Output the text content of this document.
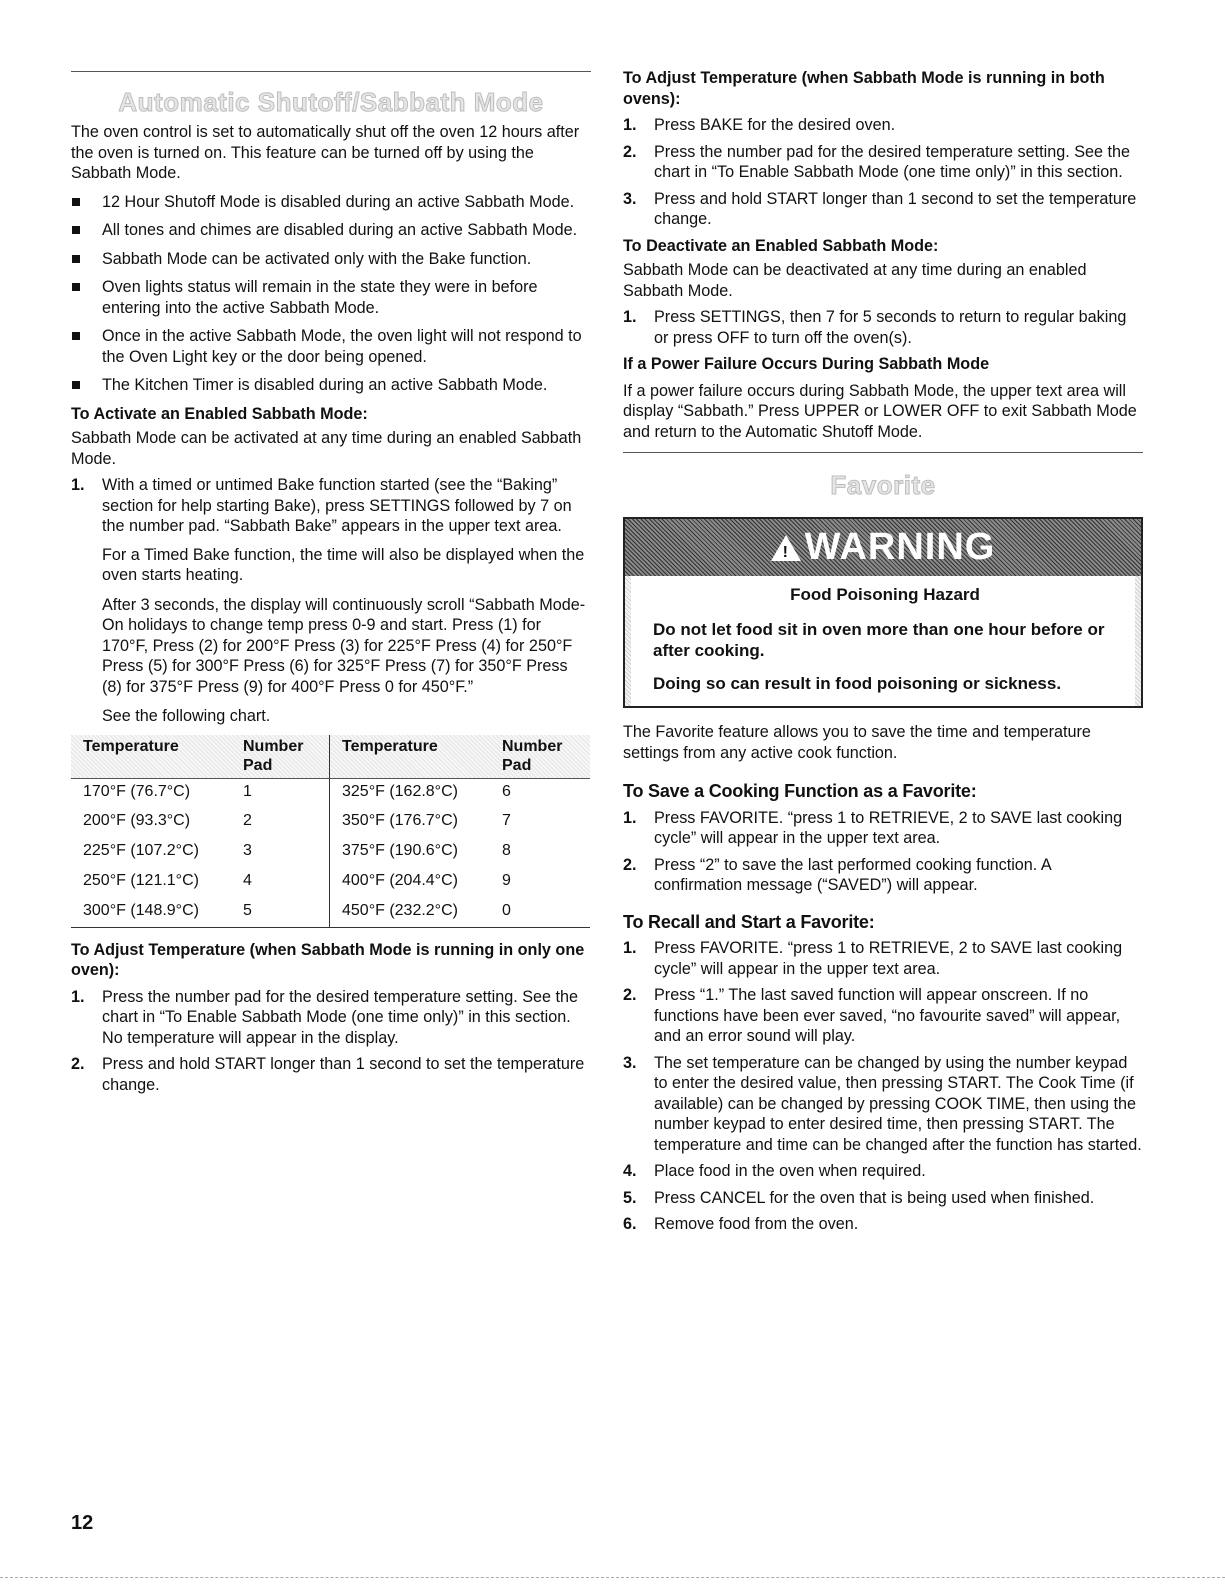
Automatic Shutoff/Sabbath Mode

The oven control is set to automatically shut off the oven 12 hours after the oven is turned on. This feature can be turned off by using the Sabbath Mode.

12 Hour Shutoff Mode is disabled during an active Sabbath Mode.
All tones and chimes are disabled during an active Sabbath Mode.
Sabbath Mode can be activated only with the Bake function.
Oven lights status will remain in the state they were in before entering into the active Sabbath Mode.
Once in the active Sabbath Mode, the oven light will not respond to the Oven Light key or the door being opened.
The Kitchen Timer is disabled during an active Sabbath Mode.
To Activate an Enabled Sabbath Mode:

Sabbath Mode can be activated at any time during an enabled Sabbath Mode.

1. With a timed or untimed Bake function started (see the “Baking” section for help starting Bake), press SETTINGS followed by 7 on the number pad. “Sabbath Bake” appears in the upper text area.

For a Timed Bake function, the time will also be displayed when the oven starts heating.

After 3 seconds, the display will continuously scroll “Sabbath Mode- On holidays to change temp press 0-9 and start. Press (1) for 170°F, Press (2) for 200°F Press (3) for 225°F Press (4) for 250°F Press (5) for 300°F Press (6) for 325°F Press (7) for 350°F Press (8) for 375°F Press (9) for 400°F Press 0 for 450°F.”

See the following chart.

Temperature	Number Pad	Temperature	Number Pad
170°F (76.7°C)	1	325°F (162.8°C)	6
200°F (93.3°C)	2	350°F (176.7°C)	7
225°F (107.2°C)	3	375°F (190.6°C)	8
250°F (121.1°C)	4	400°F (204.4°C)	9
300°F (148.9°C)	5	450°F (232.2°C)	0
To Adjust Temperature (when Sabbath Mode is running in only one oven):
1. Press the number pad for the desired temperature setting. See the chart in “To Enable Sabbath Mode (one time only)” in this section. No temperature will appear in the display.
2. Press and hold START longer than 1 second to set the temperature change.
To Adjust Temperature (when Sabbath Mode is running in both ovens):
1. Press BAKE for the desired oven.
2. Press the number pad for the desired temperature setting. See the chart in “To Enable Sabbath Mode (one time only)” in this section.
3. Press and hold START longer than 1 second to set the temperature change.
To Deactivate an Enabled Sabbath Mode:

Sabbath Mode can be deactivated at any time during an enabled Sabbath Mode.

1. Press SETTINGS, then 7 for 5 seconds to return to regular baking or press OFF to turn off the oven(s).
If a Power Failure Occurs During Sabbath Mode

If a power failure occurs during Sabbath Mode, the upper text area will display “Sabbath.” Press UPPER or LOWER OFF to exit Sabbath Mode and return to the Automatic Shutoff Mode.

Favorite
! WARNING
Food Poisoning Hazard

Do not let food sit in oven more than one hour before or after cooking.

Doing so can result in food poisoning or sickness.

The Favorite feature allows you to save the time and temperature settings from any active cook function.

To Save a Cooking Function as a Favorite:
1. Press FAVORITE. “press 1 to RETRIEVE, 2 to SAVE last cooking cycle” will appear in the upper text area.
2. Press “2” to save the last performed cooking function. A confirmation message (“SAVED”) will appear.
To Recall and Start a Favorite:
1. Press FAVORITE. “press 1 to RETRIEVE, 2 to SAVE last cooking cycle” will appear in the upper text area.
2. Press “1.” The last saved function will appear onscreen. If no functions have been ever saved, “no favourite saved” will appear, and an error sound will play.
3. The set temperature can be changed by using the number keypad to enter the desired value, then pressing START. The Cook Time (if available) can be changed by pressing COOK TIME, then using the number keypad to enter desired time, then pressing START. The temperature and time can be changed after the function has started.
4. Place food in the oven when required.
5. Press CANCEL for the oven that is being used when finished.
6. Remove food from the oven.
12
